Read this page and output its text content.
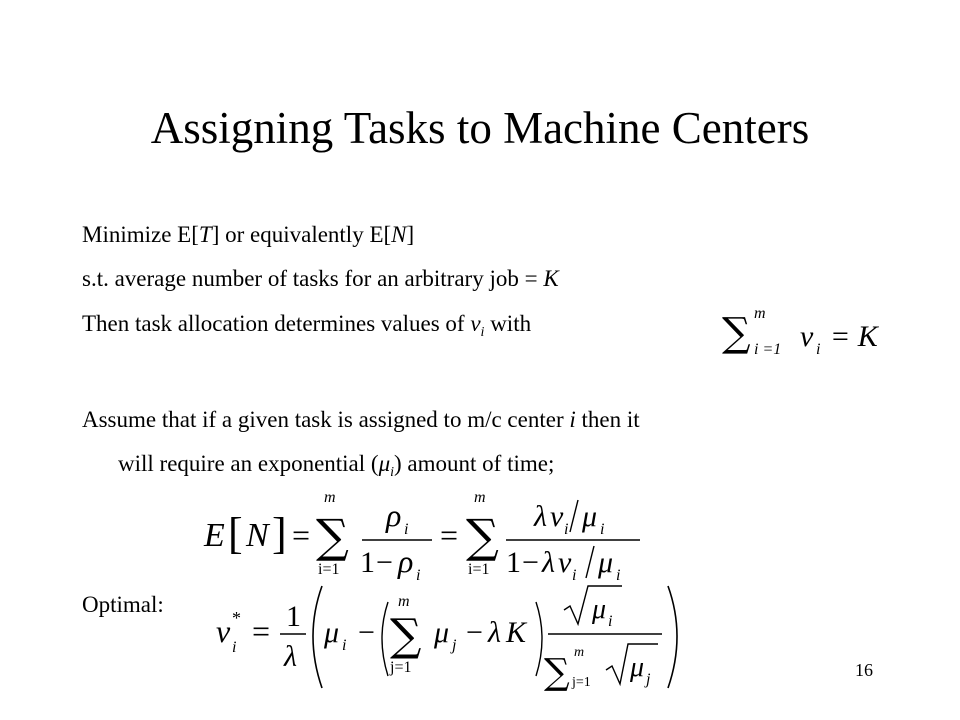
Assigning Tasks to Machine Centers
Minimize E[T] or equivalently E[N]
s.t. average number of tasks for an arbitrary job = K
Then task allocation determines values of $v_i$ with	∑ m
i =1 v i = K
Assume that if a given task is assigned to m/c center i then it
will require an exponential $(\mu_i)$ amount of time;
E [ N ] =
m
∑
i=1
ρ i
1 − ρ i
=
m
∑
i=1
λ v i μ i
1 − λ v i μ i
Optimal:
v *
i = 1
λ
μ i −
m
∑
j=1
μ j − λ K
μ i
∑ m
j=1 μ j	16
